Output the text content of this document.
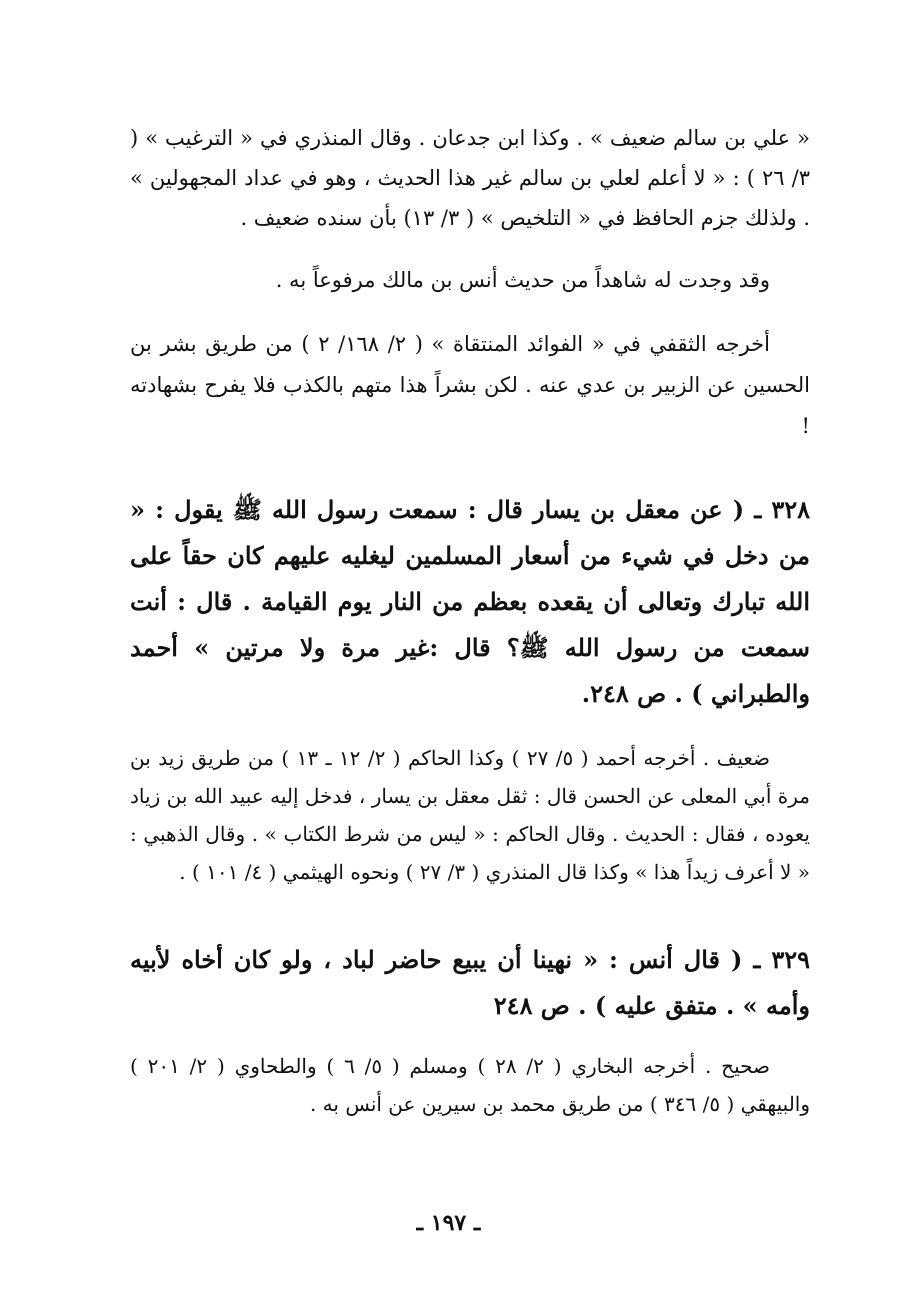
« علي بن سالم ضعيف » . وكذا ابن جدعان . وقال المنذري في « الترغيب » ( ٣/ ٢٦ ) : « لا أعلم لعلي بن سالم غير هذا الحديث ، وهو في عداد المجهولين » . ولذلك جزم الحافظ في « التلخيص » ( ٣/ ١٣) بأن سنده ضعيف .

وقد وجدت له شاهداً من حديث أنس بن مالك مرفوعاً به .

أخرجه الثقفي في « الفوائد المنتقاة » ( ٢/ ١٦٨/ ٢ ) من طريق بشر بن الحسين عن الزبير بن عدي عنه . لكن بشراً هذا متهم بالكذب فلا يفرح بشهادته !

٣٢٨ ـ ( عن معقل بن يسار قال : سمعت رسول الله ﷺ يقول : « من دخل في شيء من أسعار المسلمين ليغليه عليهم كان حقاً على الله تبارك وتعالى أن يقعده بعظم من النار يوم القيامة . قال : أنت سمعت من رسول الله ﷺ؟ قال :غير مرة ولا مرتين » أحمد والطبراني ) . ص ٢٤٨.

ضعيف . أخرجه أحمد ( ٥/ ٢٧ ) وكذا الحاكم ( ٢/ ١٢ ـ ١٣ ) من طريق زيد بن مرة أبي المعلى عن الحسن قال : ثقل معقل بن يسار ، فدخل إليه عبيد الله بن زياد يعوده ، فقال : الحديث . وقال الحاكم : « ليس من شرط الكتاب » . وقال الذهبي : « لا أعرف زيداً هذا » وكذا قال المنذري ( ٣/ ٢٧ ) ونحوه الهيثمي ( ٤/ ١٠١ ) .

٣٢٩ ـ ( قال أنس : « نهينا أن يبيع حاضر لباد ، ولو كان أخاه لأبيه وأمه » . متفق عليه ) . ص ٢٤٨

صحيح . أخرجه البخاري ( ٢/ ٢٨ ) ومسلم ( ٥/ ٦ ) والطحاوي ( ٢/ ٢٠١ ) والبيهقي ( ٥/ ٣٤٦ ) من طريق محمد بن سيرين عن أنس به .

ـ ١٩٧ ـ
